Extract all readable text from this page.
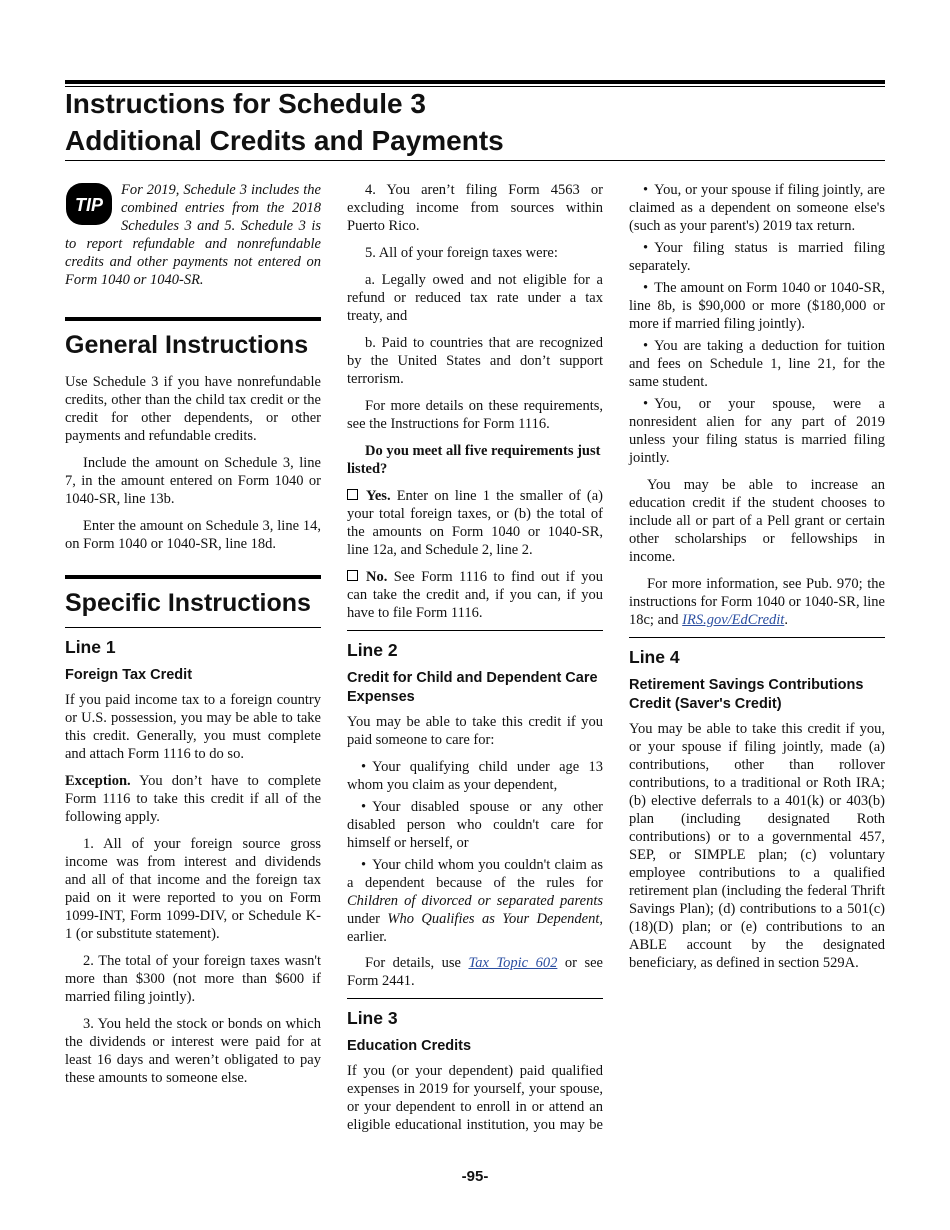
Instructions for Schedule 3
Additional Credits and Payments
TIP
For 2019, Schedule 3 includes the combined entries from the 2018 Schedules 3 and 5. Schedule 3 is to report refundable and nonrefundable credits and other payments not entered on Form 1040 or 1040-SR.
General Instructions

Use Schedule 3 if you have nonrefundable credits, other than the child tax credit or the credit for other dependents, or other payments and refundable credits.

Include the amount on Schedule 3, line 7, in the amount entered on Form 1040 or 1040-SR, line 13b.

Enter the amount on Schedule 3, line 14, on Form 1040 or 1040-SR, line 18d.

Specific Instructions
Line 1
Foreign Tax Credit

If you paid income tax to a foreign country or U.S. possession, you may be able to take this credit. Generally, you must complete and attach Form 1116 to do so.

Exception. You don’t have to complete Form 1116 to take this credit if all of the following apply.

1. All of your foreign source gross income was from interest and dividends and all of that income and the foreign tax paid on it were reported to you on Form 1099-INT, Form 1099-DIV, or Schedule K-1 (or substitute statement).

2. The total of your foreign taxes wasn't more than $300 (not more than $600 if married filing jointly).

3. You held the stock or bonds on which the dividends or interest were paid for at least 16 days and weren’t obligated to pay these amounts to someone else.

4. You aren’t filing Form 4563 or excluding income from sources within Puerto Rico.

5. All of your foreign taxes were:

a. Legally owed and not eligible for a refund or reduced tax rate under a tax treaty, and

b. Paid to countries that are recognized by the United States and don’t support terrorism.

For more details on these requirements, see the Instructions for Form 1116.

Do you meet all five requirements just listed?

Yes. Enter on line 1 the smaller of (a) your total foreign taxes, or (b) the total of the amounts on Form 1040 or 1040-SR, line 12a, and Schedule 2, line 2.

No. See Form 1116 to find out if you can take the credit and, if you can, if you have to file Form 1116.

Line 2
Credit for Child and Dependent Care Expenses

You may be able to take this credit if you paid someone to care for:

• Your qualifying child under age 13 whom you claim as your dependent,

• Your disabled spouse or any other disabled person who couldn't care for himself or herself, or

• Your child whom you couldn't claim as a dependent because of the rules for Children of divorced or separated parents under Who Qualifies as Your Dependent, earlier.

For details, use Tax Topic 602 or see Form 2441.

Line 3
Education Credits

If you (or your dependent) paid qualified expenses in 2019 for yourself, your spouse, or your dependent to enroll in or attend an eligible educational institution, you may be

• You, or your spouse if filing jointly, are claimed as a dependent on someone else's (such as your parent's) 2019 tax return.

• Your filing status is married filing separately.

• The amount on Form 1040 or 1040-SR, line 8b, is $90,000 or more ($180,000 or more if married filing jointly).

• You are taking a deduction for tuition and fees on Schedule 1, line 21, for the same student.

• You, or your spouse, were a nonresident alien for any part of 2019 unless your filing status is married filing jointly.

You may be able to increase an education credit if the student chooses to include all or part of a Pell grant or certain other scholarships or fellowships in income.

For more information, see Pub. 970; the instructions for Form 1040 or 1040-SR, line 18c; and IRS.gov/EdCredit.

Line 4
Retirement Savings Contributions Credit (Saver's Credit)

You may be able to take this credit if you, or your spouse if filing jointly, made (a) contributions, other than rollover contributions, to a traditional or Roth IRA; (b) elective deferrals to a 401(k) or 403(b) plan (including designated Roth contributions) or to a governmental 457, SEP, or SIMPLE plan; (c) voluntary employee contributions to a qualified retirement plan (including the federal Thrift Savings Plan); (d) contributions to a 501(c)(18)(D) plan; or (e) contributions to an ABLE account by the designated beneficiary, as defined in section 529A.

-95-
